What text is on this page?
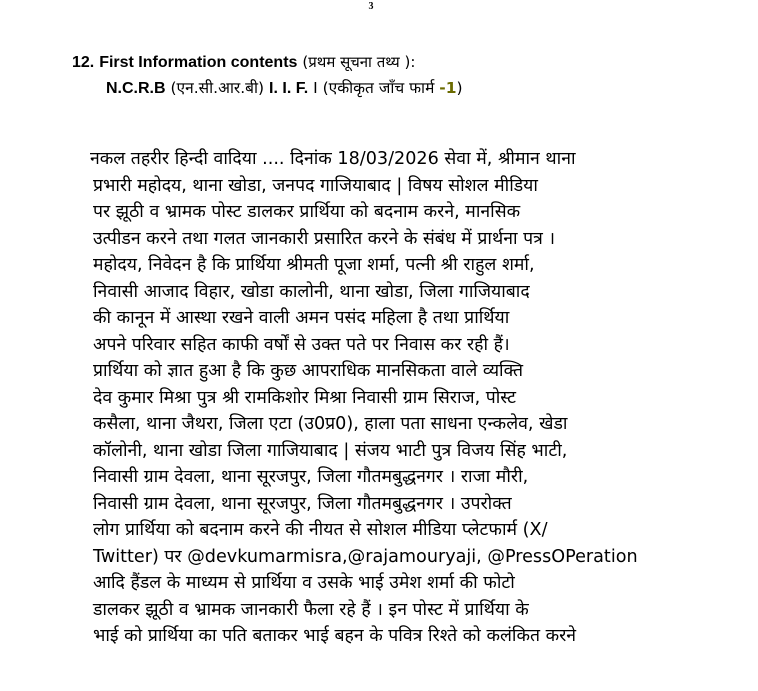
3
12. First Information contents (प्रथम सूचना तथ्य ):
N.C.R.B (एन.सी.आर.बी) I. I. F. I (एकीकृत जाँच फार्म -1)
नकल तहरीर हिन्दी वादिया .... दिनांक 18/03/2026 सेवा में, श्रीमान थाना
प्रभारी महोदय, थाना खोडा, जनपद गाजियाबाद | विषय सोशल मीडिया
पर झूठी व भ्रामक पोस्ट डालकर प्रार्थिया को बदनाम करने, मानसिक
उत्पीडन करने तथा गलत जानकारी प्रसारित करने के संबंध में प्रार्थना पत्र ।
महोदय, निवेदन है कि प्रार्थिया श्रीमती पूजा शर्मा, पत्नी श्री राहुल शर्मा,
निवासी आजाद विहार, खोडा कालोनी, थाना खोडा, जिला गाजियाबाद
की कानून में आस्था रखने वाली अमन पसंद महिला है तथा प्रार्थिया
अपने परिवार सहित काफी वर्षों से उक्त पते पर निवास कर रही हैं।
प्रार्थिया को ज्ञात हुआ है कि कुछ आपराधिक मानसिकता वाले व्यक्ति
देव कुमार मिश्रा पुत्र श्री रामकिशोर मिश्रा निवासी ग्राम सिराज, पोस्ट
कसैला, थाना जैथरा, जिला एटा (उ0प्र0), हाला पता साधना एन्कलेव, खेडा
कॉलोनी, थाना खोडा जिला गाजियाबाद | संजय भाटी पुत्र विजय सिंह भाटी,
निवासी ग्राम देवला, थाना सूरजपुर, जिला गौतमबुद्धनगर । राजा मौरी,
निवासी ग्राम देवला, थाना सूरजपुर, जिला गौतमबुद्धनगर । उपरोक्त
लोग प्रार्थिया को बदनाम करने की नीयत से सोशल मीडिया प्लेटफार्म (X/
Twitter) पर @devkumarmisra,@rajamouryaji, @PressOPeration
आदि हैंडल के माध्यम से प्रार्थिया व उसके भाई उमेश शर्मा की फोटो
डालकर झूठी व भ्रामक जानकारी फैला रहे हैं । इन पोस्ट में प्रार्थिया के
भाई को प्रार्थिया का पति बताकर भाई बहन के पवित्र रिश्ते को कलंकित करने
